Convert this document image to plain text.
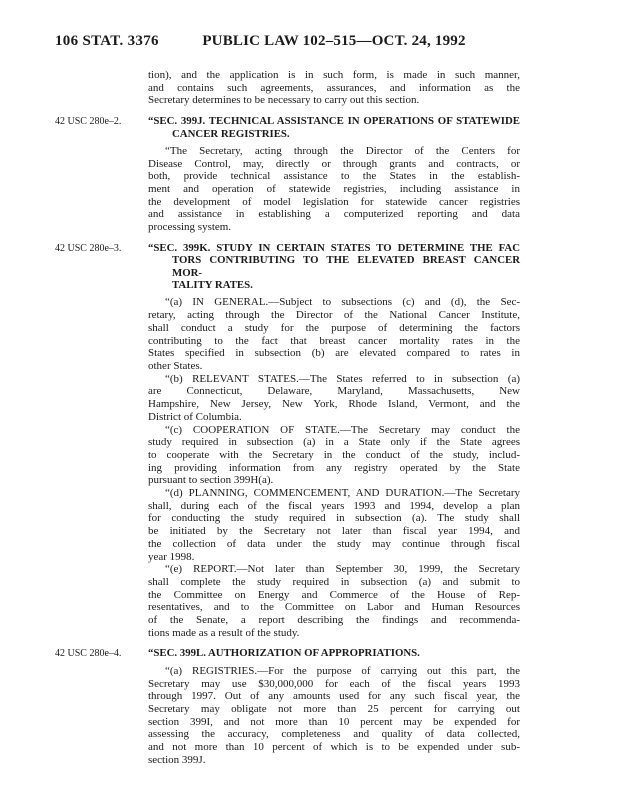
106 STAT. 3376	PUBLIC LAW 102–515—OCT. 24, 1992
tion), and the application is in such form, is made in such manner,
and contains such agreements, assurances, and information as the
Secretary determines to be necessary to carry out this section.
42 USC 280e–2.	“SEC. 399J. TECHNICAL ASSISTANCE IN OPERATIONS OF STATEWIDE
CANCER REGISTRIES.
“The Secretary, acting through the Director of the Centers for
Disease Control, may, directly or through grants and contracts, or
both, provide technical assistance to the States in the establish-
ment and operation of statewide registries, including assistance in
the development of model legislation for statewide cancer registries
and assistance in establishing a computerized reporting and data
processing system.
42 USC 280e–3.	“SEC. 399K. STUDY IN CERTAIN STATES TO DETERMINE THE FAC
TORS CONTRIBUTING TO THE ELEVATED BREAST CANCER MOR-
TALITY RATES.
“(a) IN GENERAL.—Subject to subsections (c) and (d), the Sec-
retary, acting through the Director of the National Cancer Institute,
shall conduct a study for the purpose of determining the factors
contributing to the fact that breast cancer mortality rates in the
States specified in subsection (b) are elevated compared to rates in
other States.
“(b) RELEVANT STATES.—The States referred to in subsection (a)
are Connecticut, Delaware, Maryland, Massachusetts, New
Hampshire, New Jersey, New York, Rhode Island, Vermont, and the
District of Columbia.
“(c) COOPERATION OF STATE.—The Secretary may conduct the
study required in subsection (a) in a State only if the State agrees
to cooperate with the Secretary in the conduct of the study, includ-
ing providing information from any registry operated by the State
pursuant to section 399H(a).
“(d) PLANNING, COMMENCEMENT, AND DURATION.—The Secretary
shall, during each of the fiscal years 1993 and 1994, develop a plan
for conducting the study required in subsection (a). The study shall
be initiated by the Secretary not later than fiscal year 1994, and
the collection of data under the study may continue through fiscal
year 1998.
“(e) REPORT.—Not later than September 30, 1999, the Secretary
shall complete the study required in subsection (a) and submit to
the Committee on Energy and Commerce of the House of Rep-
resentatives, and to the Committee on Labor and Human Resources
of the Senate, a report describing the findings and recommenda-
tions made as a result of the study.
42 USC 280e–4.	“SEC. 399L. AUTHORIZATION OF APPROPRIATIONS.
“(a) REGISTRIES.—For the purpose of carrying out this part, the
Secretary may use $30,000,000 for each of the fiscal years 1993
through 1997. Out of any amounts used for any such fiscal year, the
Secretary may obligate not more than 25 percent for carrying out
section 399I, and not more than 10 percent may be expended for
assessing the accuracy, completeness and quality of data collected,
and not more than 10 percent of which is to be expended under sub-
section 399J.
